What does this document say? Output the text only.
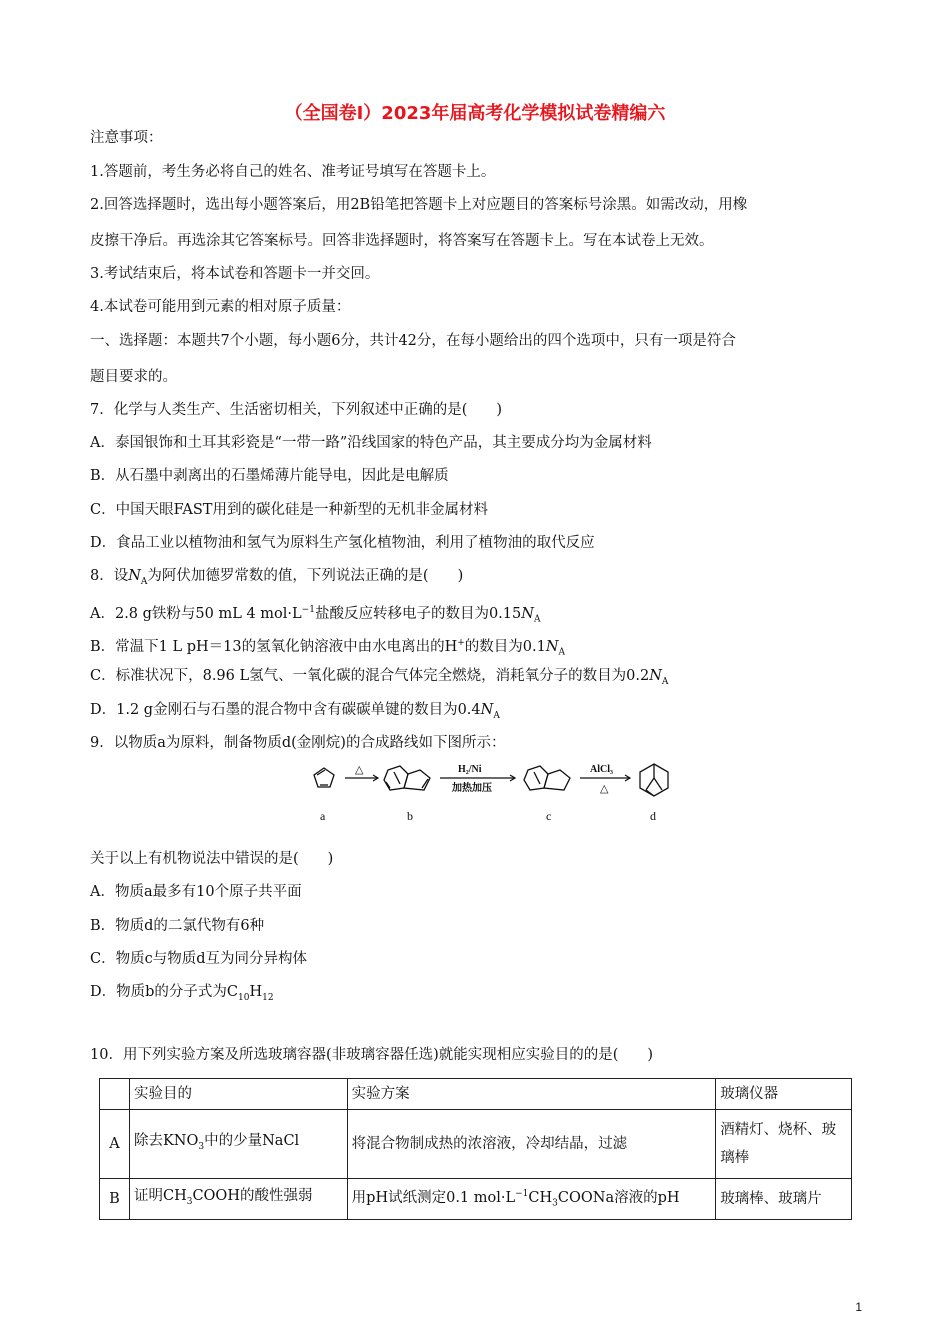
（全国卷Ⅰ）2023年届高考化学模拟试卷精编六
注意事项：
1.答题前，考生务必将自己的姓名、准考证号填写在答题卡上。
2.回答选择题时，选出每小题答案后，用2B铅笔把答题卡上对应题目的答案标号涂黑。如需改动，用橡
皮擦干净后。再选涂其它答案标号。回答非选择题时，将答案写在答题卡上。写在本试卷上无效。
3.考试结束后，将本试卷和答题卡一并交回。
4.本试卷可能用到元素的相对原子质量：
一、选择题：本题共7个小题，每小题6分，共计42分，在每小题给出的四个选项中，只有一项是符合
题目要求的。
7．化学与人类生产、生活密切相关，下列叙述中正确的是(　　)
A．泰国银饰和土耳其彩瓷是“一带一路”沿线国家的特色产品，其主要成分均为金属材料
B．从石墨中剥离出的石墨烯薄片能导电，因此是电解质
C．中国天眼FAST用到的碳化硅是一种新型的无机非金属材料
D．食品工业以植物油和氢气为原料生产氢化植物油，利用了植物油的取代反应
8．设$N_A$为阿伏加德罗常数的值，下列说法正确的是(　　)
A．2.8 g铁粉与50 mL 4 $mol\cdot L^{-1}$盐酸反应转移电子的数目为$0.15N_A$
B．常温下1 L pH＝13的氢氧化钠溶液中由水电离出的H+的数目为$0.1N_A$
C．标准状况下，8.96 L氢气、一氧化碳的混合气体完全燃烧，消耗氧分子的数目为$0.2N_A$
D．1.2 g金刚石与石墨的混合物中含有碳碳单键的数目为$0.4N_A$
9．以物质a为原料，制备物质d(金刚烷)的合成路线如下图所示：
a
△
b
H₂/Ni
加热加压
c
AlCl₃
△
d
关于以上有机物说法中错误的是(　　)
A．物质a最多有10个原子共平面
B．物质d的二氯代物有6种
C．物质c与物质d互为同分异构体
D．物质b的分子式为$C_{10}H_{12}$
10．用下列实验方案及所选玻璃容器(非玻璃容器任选)就能实现相应实验目的的是(　　)
	实验目的	实验方案	玻璃仪器
A	除去$KNO_3$中的少量NaCl	将混合物制成热的浓溶液，冷却结晶，过滤	酒精灯、烧杯、玻璃棒
B	证明$CH_3COOH$的酸性强弱	用pH试纸测定0.1 $mol\cdot L^{-1}CH_3COONa$溶液的pH	玻璃棒、玻璃片
1
